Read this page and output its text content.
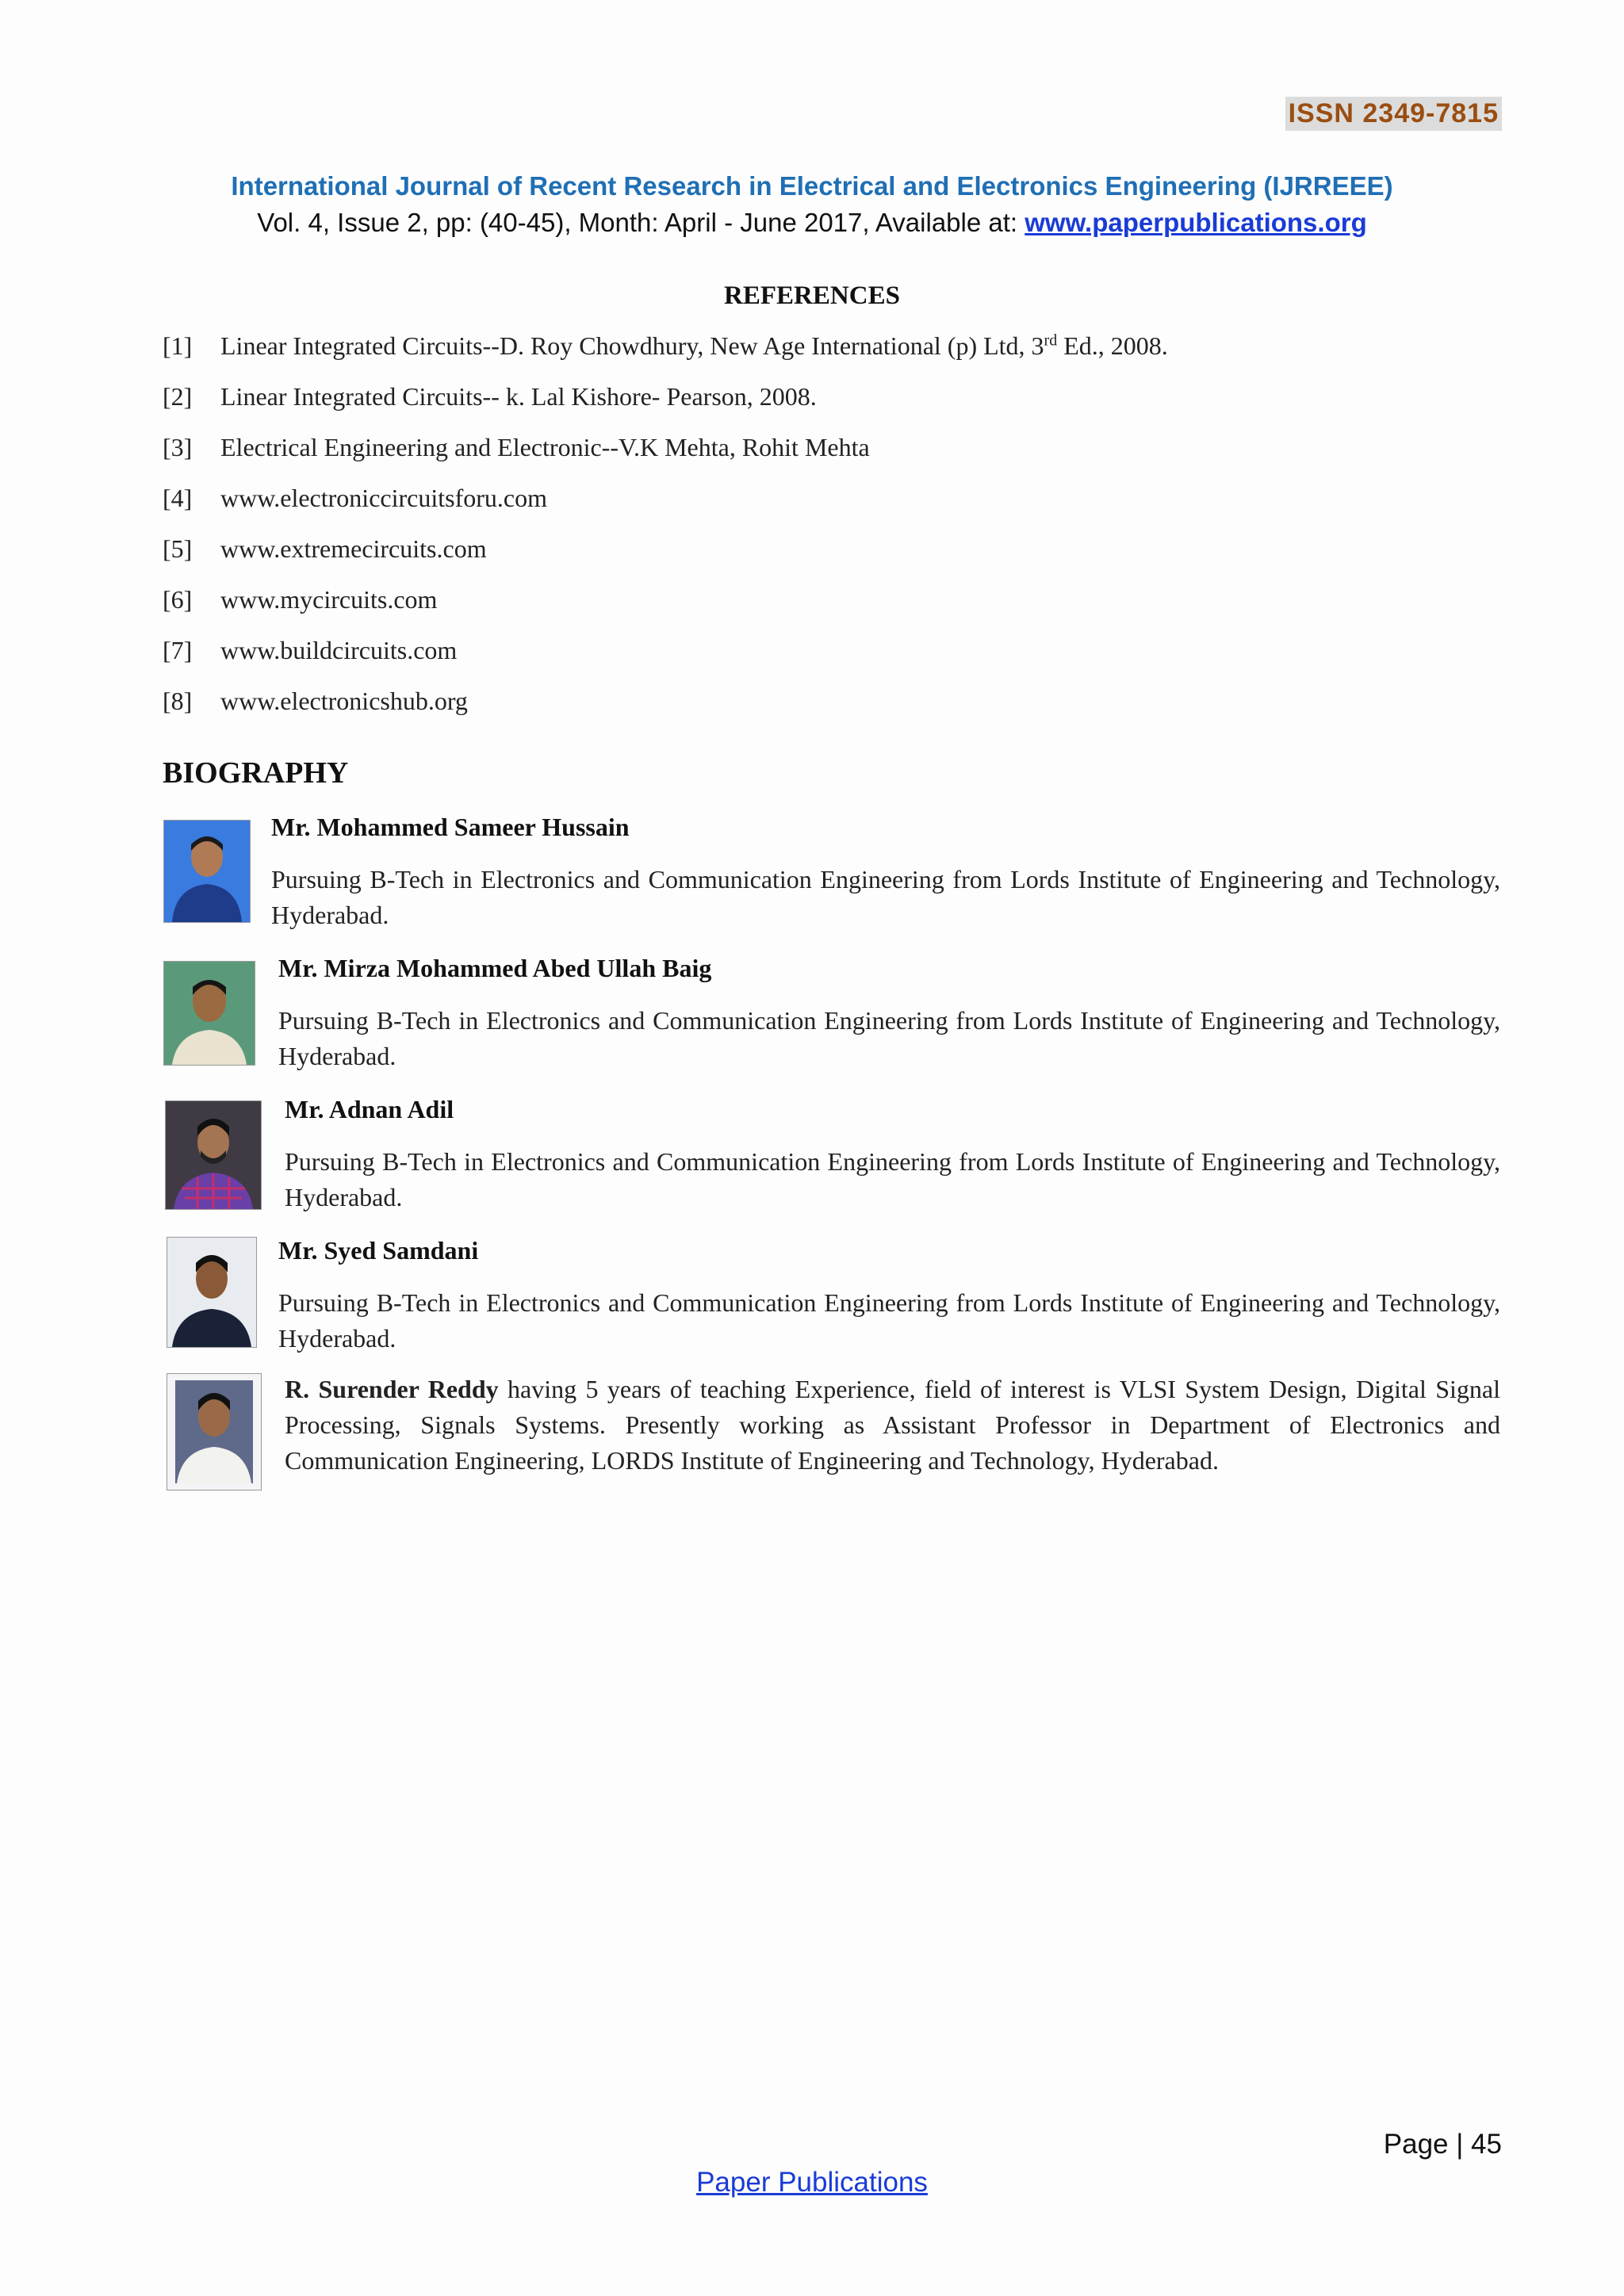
ISSN 2349-7815
International Journal of Recent Research in Electrical and Electronics Engineering (IJRREEE)
Vol. 4, Issue 2, pp: (40-45), Month: April - June 2017, Available at: www.paperpublications.org
REFERENCES
[1] Linear Integrated Circuits--D. Roy Chowdhury, New Age International (p) Ltd, 3rd Ed., 2008.
[2] Linear Integrated Circuits-- k. Lal Kishore- Pearson, 2008.
[3] Electrical Engineering and Electronic--V.K Mehta, Rohit Mehta
[4] www.electroniccircuitsforu.com
[5] www.extremecircuits.com
[6] www.mycircuits.com
[7] www.buildcircuits.com
[8] www.electronicshub.org
BIOGRAPHY
Mr. Mohammed Sameer Hussain
Pursuing B-Tech in Electronics and Communication Engineering from Lords Institute of Engineering and Technology, Hyderabad.
Mr. Mirza Mohammed Abed Ullah Baig
Pursuing B-Tech in Electronics and Communication Engineering from Lords Institute of Engineering and Technology, Hyderabad.
Mr. Adnan Adil
Pursuing B-Tech in Electronics and Communication Engineering from Lords Institute of Engineering and Technology, Hyderabad.
Mr. Syed Samdani
Pursuing B-Tech in Electronics and Communication Engineering from Lords Institute of Engineering and Technology, Hyderabad.
R. Surender Reddy having 5 years of teaching Experience, field of interest is VLSI System Design, Digital Signal Processing, Signals Systems. Presently working as Assistant Professor in Department of Electronics and Communication Engineering, LORDS Institute of Engineering and Technology, Hyderabad.
Page | 45
Paper Publications
